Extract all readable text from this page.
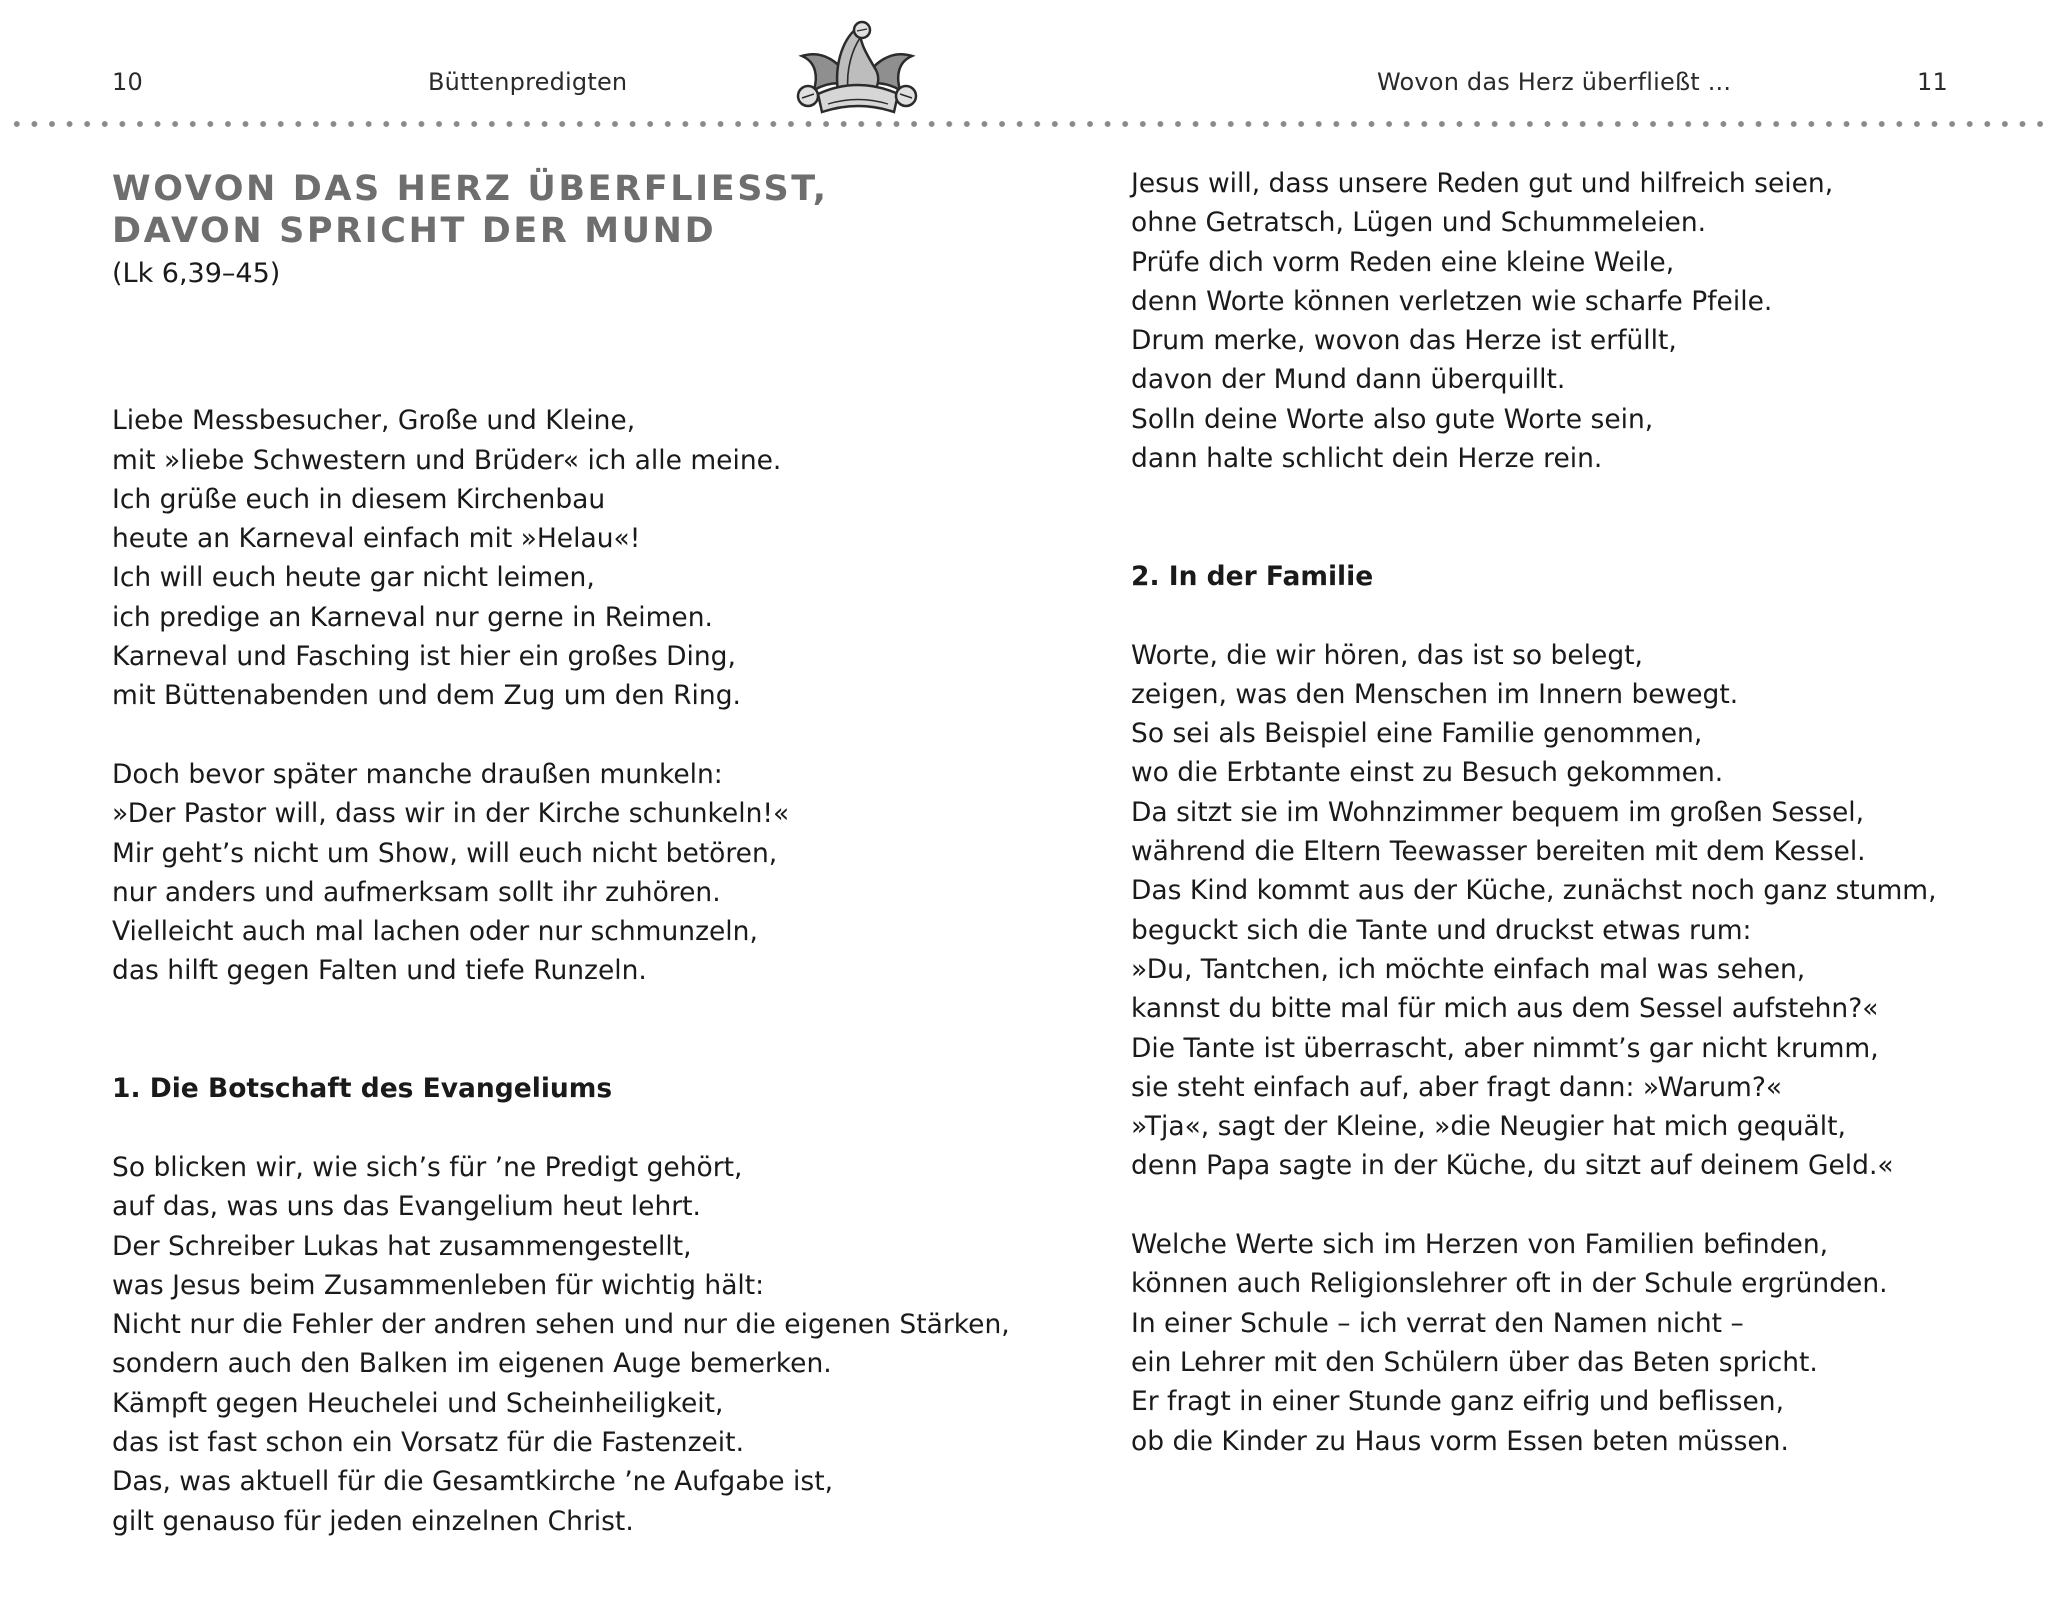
10	Büttenpredigten	Wovon das Herz überfließt ...	11
WOVON DAS HERZ ÜBERFLIESST,
DAVON SPRICHT DER MUND
(Lk 6,39–45)
Liebe Messbesucher, Große und Kleine,
mit »liebe Schwestern und Brüder« ich alle meine.
Ich grüße euch in diesem Kirchenbau
heute an Karneval einfach mit »Helau«!
Ich will euch heute gar nicht leimen,
ich predige an Karneval nur gerne in Reimen.
Karneval und Fasching ist hier ein großes Ding,
mit Büttenabenden und dem Zug um den Ring.
Doch bevor später manche draußen munkeln:
»Der Pastor will, dass wir in der Kirche schunkeln!«
Mir geht’s nicht um Show, will euch nicht betören,
nur anders und aufmerksam sollt ihr zuhören.
Vielleicht auch mal lachen oder nur schmunzeln,
das hilft gegen Falten und tiefe Runzeln.
1. Die Botschaft des Evangeliums
So blicken wir, wie sich’s für ’ne Predigt gehört,
auf das, was uns das Evangelium heut lehrt.
Der Schreiber Lukas hat zusammengestellt,
was Jesus beim Zusammenleben für wichtig hält:
Nicht nur die Fehler der andren sehen und nur die eigenen Stärken,
sondern auch den Balken im eigenen Auge bemerken.
Kämpft gegen Heuchelei und Scheinheiligkeit,
das ist fast schon ein Vorsatz für die Fastenzeit.
Das, was aktuell für die Gesamtkirche ’ne Aufgabe ist,
gilt genauso für jeden einzelnen Christ.
Jesus will, dass unsere Reden gut und hilfreich seien,
ohne Getratsch, Lügen und Schummeleien.
Prüfe dich vorm Reden eine kleine Weile,
denn Worte können verletzen wie scharfe Pfeile.
Drum merke, wovon das Herze ist erfüllt,
davon der Mund dann überquillt.
Solln deine Worte also gute Worte sein,
dann halte schlicht dein Herze rein.
2. In der Familie
Worte, die wir hören, das ist so belegt,
zeigen, was den Menschen im Innern bewegt.
So sei als Beispiel eine Familie genommen,
wo die Erbtante einst zu Besuch gekommen.
Da sitzt sie im Wohnzimmer bequem im großen Sessel,
während die Eltern Teewasser bereiten mit dem Kessel.
Das Kind kommt aus der Küche, zunächst noch ganz stumm,
beguckt sich die Tante und druckst etwas rum:
»Du, Tantchen, ich möchte einfach mal was sehen,
kannst du bitte mal für mich aus dem Sessel aufstehn?«
Die Tante ist überrascht, aber nimmt’s gar nicht krumm,
sie steht einfach auf, aber fragt dann: »Warum?«
»Tja«, sagt der Kleine, »die Neugier hat mich gequält,
denn Papa sagte in der Küche, du sitzt auf deinem Geld.«
Welche Werte sich im Herzen von Familien befinden,
können auch Religionslehrer oft in der Schule ergründen.
In einer Schule – ich verrat den Namen nicht –
ein Lehrer mit den Schülern über das Beten spricht.
Er fragt in einer Stunde ganz eifrig und beflissen,
ob die Kinder zu Haus vorm Essen beten müssen.
